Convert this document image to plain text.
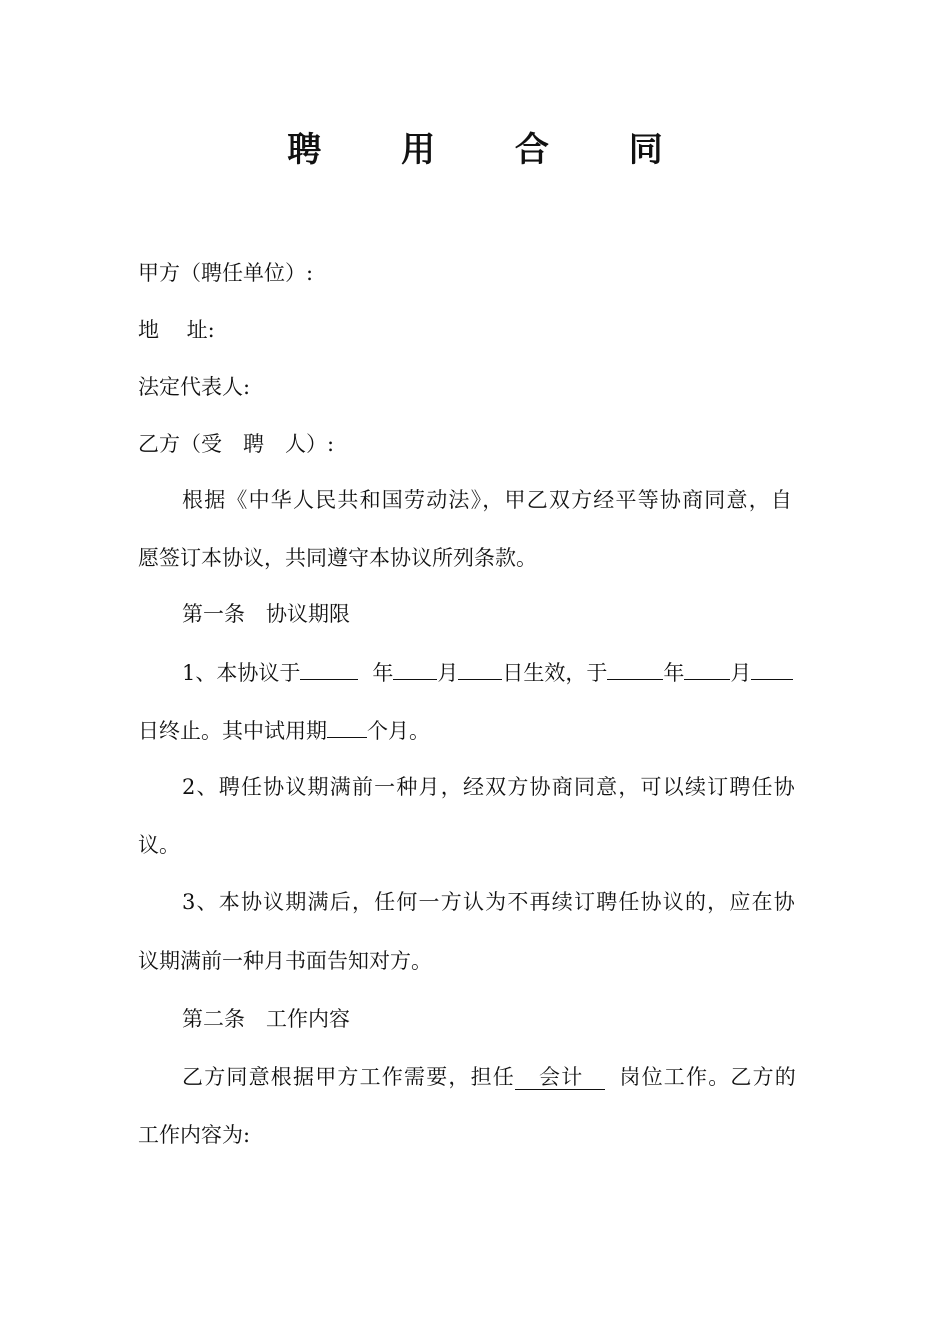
聘 用 合 同
甲方（聘任单位）:
地　 址:
法定代表人:
乙方（受　聘　人）:
根据《中华人民共和国劳动法》，甲乙双方经平等协商同意，自
愿签订本协议，共同遵守本协议所列条款。
第一条　协议期限
1、本协议于	年 月 日生效，于	年 月
日终止。其中试用期 个月。
2、聘任协议期满前一种月，经双方协商同意，可以续订聘任协
议。
3、本协议期满后，任何一方认为不再续订聘任协议的，应在协
议期满前一种月书面告知对方。
第二条　工作内容
乙方同意根据甲方工作需要，担任 会计 岗位工作。乙方的
工作内容为:
